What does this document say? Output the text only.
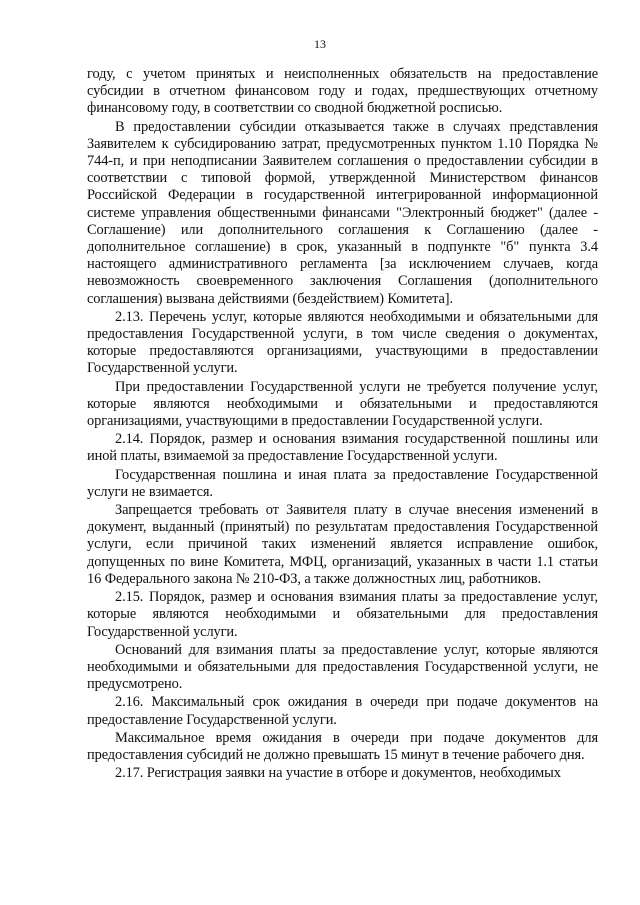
13

году, с учетом принятых и неисполненных обязательств на предоставление субсидии в отчетном финансовом году и годах, предшествующих отчетному финансовому году, в соответствии со сводной бюджетной росписью.

В предоставлении субсидии отказывается также в случаях представления Заявителем к субсидированию затрат, предусмотренных пунктом 1.10 Порядка № 744-п, и при неподписании Заявителем соглашения о предоставлении субсидии в соответствии с типовой формой, утвержденной Министерством финансов Российской Федерации в государственной интегрированной информационной системе управления общественными финансами "Электронный бюджет" (далее - Соглашение) или дополнительного соглашения к Соглашению (далее - дополнительное соглашение) в срок, указанный в подпункте "б" пункта 3.4 настоящего административного регламента [за исключением случаев, когда невозможность своевременного заключения Соглашения (дополнительного соглашения) вызвана действиями (бездействием) Комитета].

2.13. Перечень услуг, которые являются необходимыми и обязательными для предоставления Государственной услуги, в том числе сведения о документах, которые предоставляются организациями, участвующими в предоставлении Государственной услуги.

При предоставлении Государственной услуги не требуется получение услуг, которые являются необходимыми и обязательными и предоставляются организациями, участвующими в предоставлении Государственной услуги.

2.14. Порядок, размер и основания взимания государственной пошлины или иной платы, взимаемой за предоставление Государственной услуги.

Государственная пошлина и иная плата за предоставление Государственной услуги не взимается.

Запрещается требовать от Заявителя плату в случае внесения изменений в документ, выданный (принятый) по результатам предоставления Государственной услуги, если причиной таких изменений является исправление ошибок, допущенных по вине Комитета, МФЦ, организаций, указанных в части 1.1 статьи 16 Федерального закона № 210-ФЗ, а также должностных лиц, работников.

2.15. Порядок, размер и основания взимания платы за предоставление услуг, которые являются необходимыми и обязательными для предоставления Государственной услуги.

Оснований для взимания платы за предоставление услуг, которые являются необходимыми и обязательными для предоставления Государственной услуги, не предусмотрено.

2.16. Максимальный срок ожидания в очереди при подаче документов на предоставление Государственной услуги.

Максимальное время ожидания в очереди при подаче документов для предоставления субсидий не должно превышать 15 минут в течение рабочего дня.

2.17. Регистрация заявки на участие в отборе и документов, необходимых
